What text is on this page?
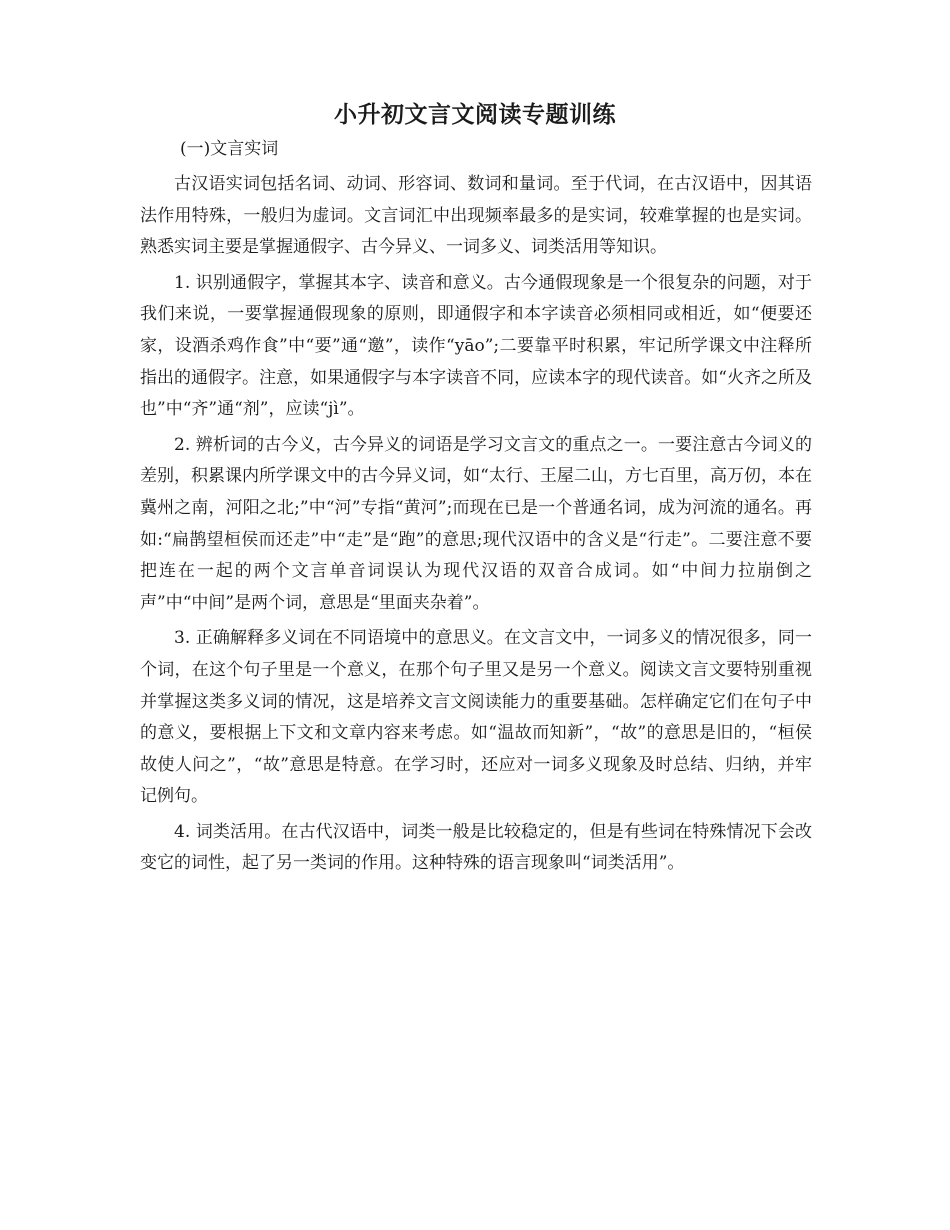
小升初文言文阅读专题训练
(一)文言实词

古汉语实词包括名词、动词、形容词、数词和量词。至于代词，在古汉语中，因其语法作用特殊，一般归为虚词。文言词汇中出现频率最多的是实词，较难掌握的也是实词。熟悉实词主要是掌握通假字、古今异义、一词多义、词类活用等知识。

1. 识别通假字，掌握其本字、读音和意义。古今通假现象是一个很复杂的问题，对于我们来说，一要掌握通假现象的原则，即通假字和本字读音必须相同或相近，如“便要还家，设酒杀鸡作食”中“要”通“邀”，读作“yāo”;二要靠平时积累，牢记所学课文中注释所指出的通假字。注意，如果通假字与本字读音不同，应读本字的现代读音。如“火齐之所及也”中“齐”通“剂”，应读“jì”。

2. 辨析词的古今义，古今异义的词语是学习文言文的重点之一。一要注意古今词义的差别，积累课内所学课文中的古今异义词，如“太行、王屋二山，方七百里，高万仞，本在冀州之南，河阳之北;”中“河”专指“黄河”;而现在已是一个普通名词，成为河流的通名。再如:“扁鹊望桓侯而还走”中“走”是“跑”的意思;现代汉语中的含义是“行走”。二要注意不要把连在一起的两个文言单音词误认为现代汉语的双音合成词。如“中间力拉崩倒之声”中“中间”是两个词，意思是“里面夹杂着”。

3. 正确解释多义词在不同语境中的意思义。在文言文中，一词多义的情况很多，同一个词，在这个句子里是一个意义，在那个句子里又是另一个意义。阅读文言文要特别重视并掌握这类多义词的情况，这是培养文言文阅读能力的重要基础。怎样确定它们在句子中的意义，要根据上下文和文章内容来考虑。如“温故而知新”，“故”的意思是旧的，“桓侯故使人问之”，“故”意思是特意。在学习时，还应对一词多义现象及时总结、归纳，并牢记例句。

4. 词类活用。在古代汉语中，词类一般是比较稳定的，但是有些词在特殊情况下会改变它的词性，起了另一类词的作用。这种特殊的语言现象叫“词类活用”。
